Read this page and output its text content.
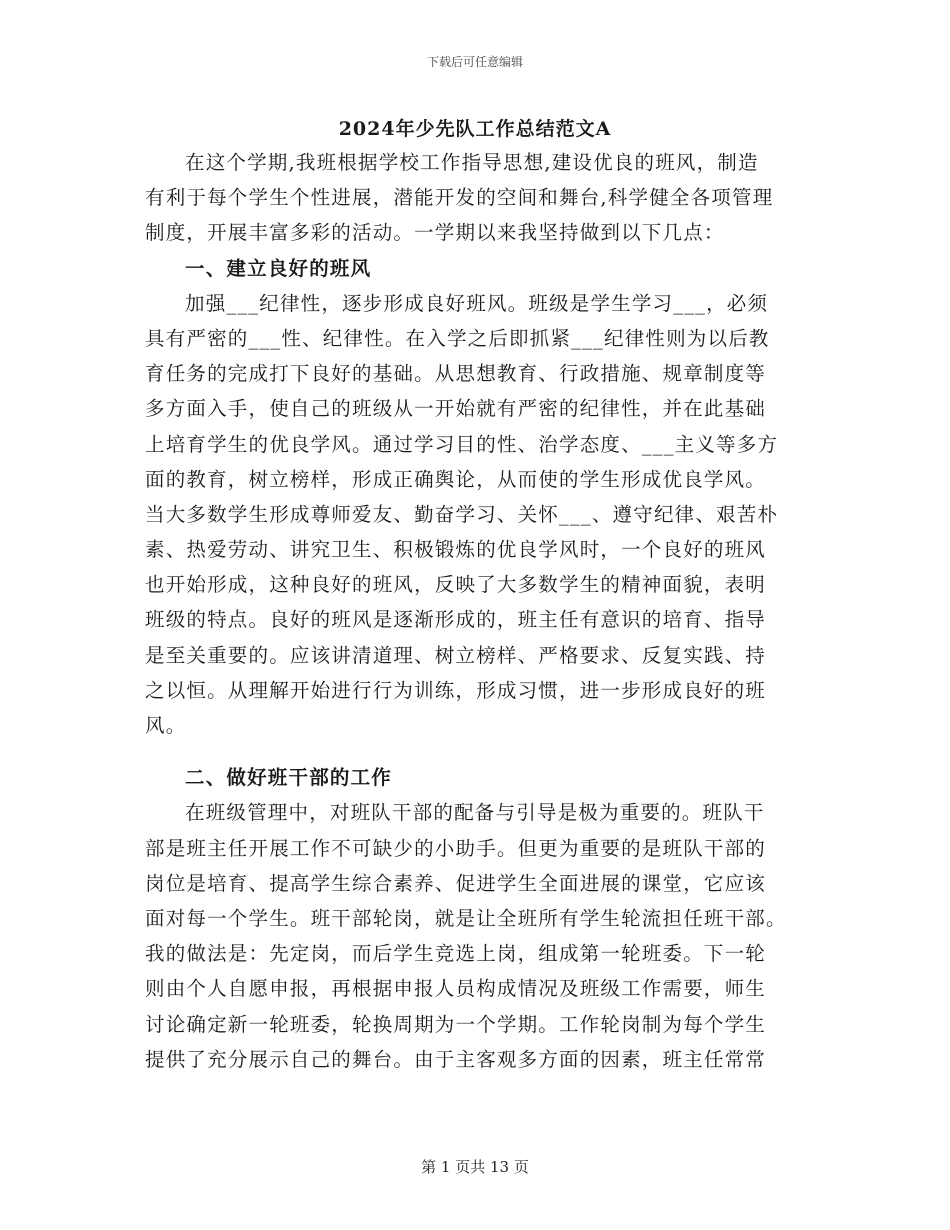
下载后可任意编辑
2024年少先队工作总结范文A
在这个学期,我班根据学校工作指导思想,建设优良的班风，制造
有利于每个学生个性进展，潜能开发的空间和舞台,科学健全各项管理
制度，开展丰富多彩的活动。一学期以来我坚持做到以下几点：
一、建立良好的班风
加强___纪律性，逐步形成良好班风。班级是学生学习___，必须
具有严密的___性、纪律性。在入学之后即抓紧___纪律性则为以后教
育任务的完成打下良好的基础。从思想教育、行政措施、规章制度等
多方面入手，使自己的班级从一开始就有严密的纪律性，并在此基础
上培育学生的优良学风。通过学习目的性、治学态度、___主义等多方
面的教育，树立榜样，形成正确舆论，从而使的学生形成优良学风。
当大多数学生形成尊师爱友、勤奋学习、关怀___、遵守纪律、艰苦朴
素、热爱劳动、讲究卫生、积极锻炼的优良学风时，一个良好的班风
也开始形成，这种良好的班风，反映了大多数学生的精神面貌，表明
班级的特点。良好的班风是逐渐形成的，班主任有意识的培育、指导
是至关重要的。应该讲清道理、树立榜样、严格要求、反复实践、持
之以恒。从理解开始进行行为训练，形成习惯，进一步形成良好的班
风。
二、做好班干部的工作
在班级管理中，对班队干部的配备与引导是极为重要的。班队干
部是班主任开展工作不可缺少的小助手。但更为重要的是班队干部的
岗位是培育、提高学生综合素养、促进学生全面进展的课堂，它应该
面对每一个学生。班干部轮岗，就是让全班所有学生轮流担任班干部。
我的做法是：先定岗，而后学生竞选上岗，组成第一轮班委。下一轮
则由个人自愿申报，再根据申报人员构成情况及班级工作需要，师生
讨论确定新一轮班委，轮换周期为一个学期。工作轮岗制为每个学生
提供了充分展示自己的舞台。由于主客观多方面的因素，班主任常常
第 1 页共 13 页
